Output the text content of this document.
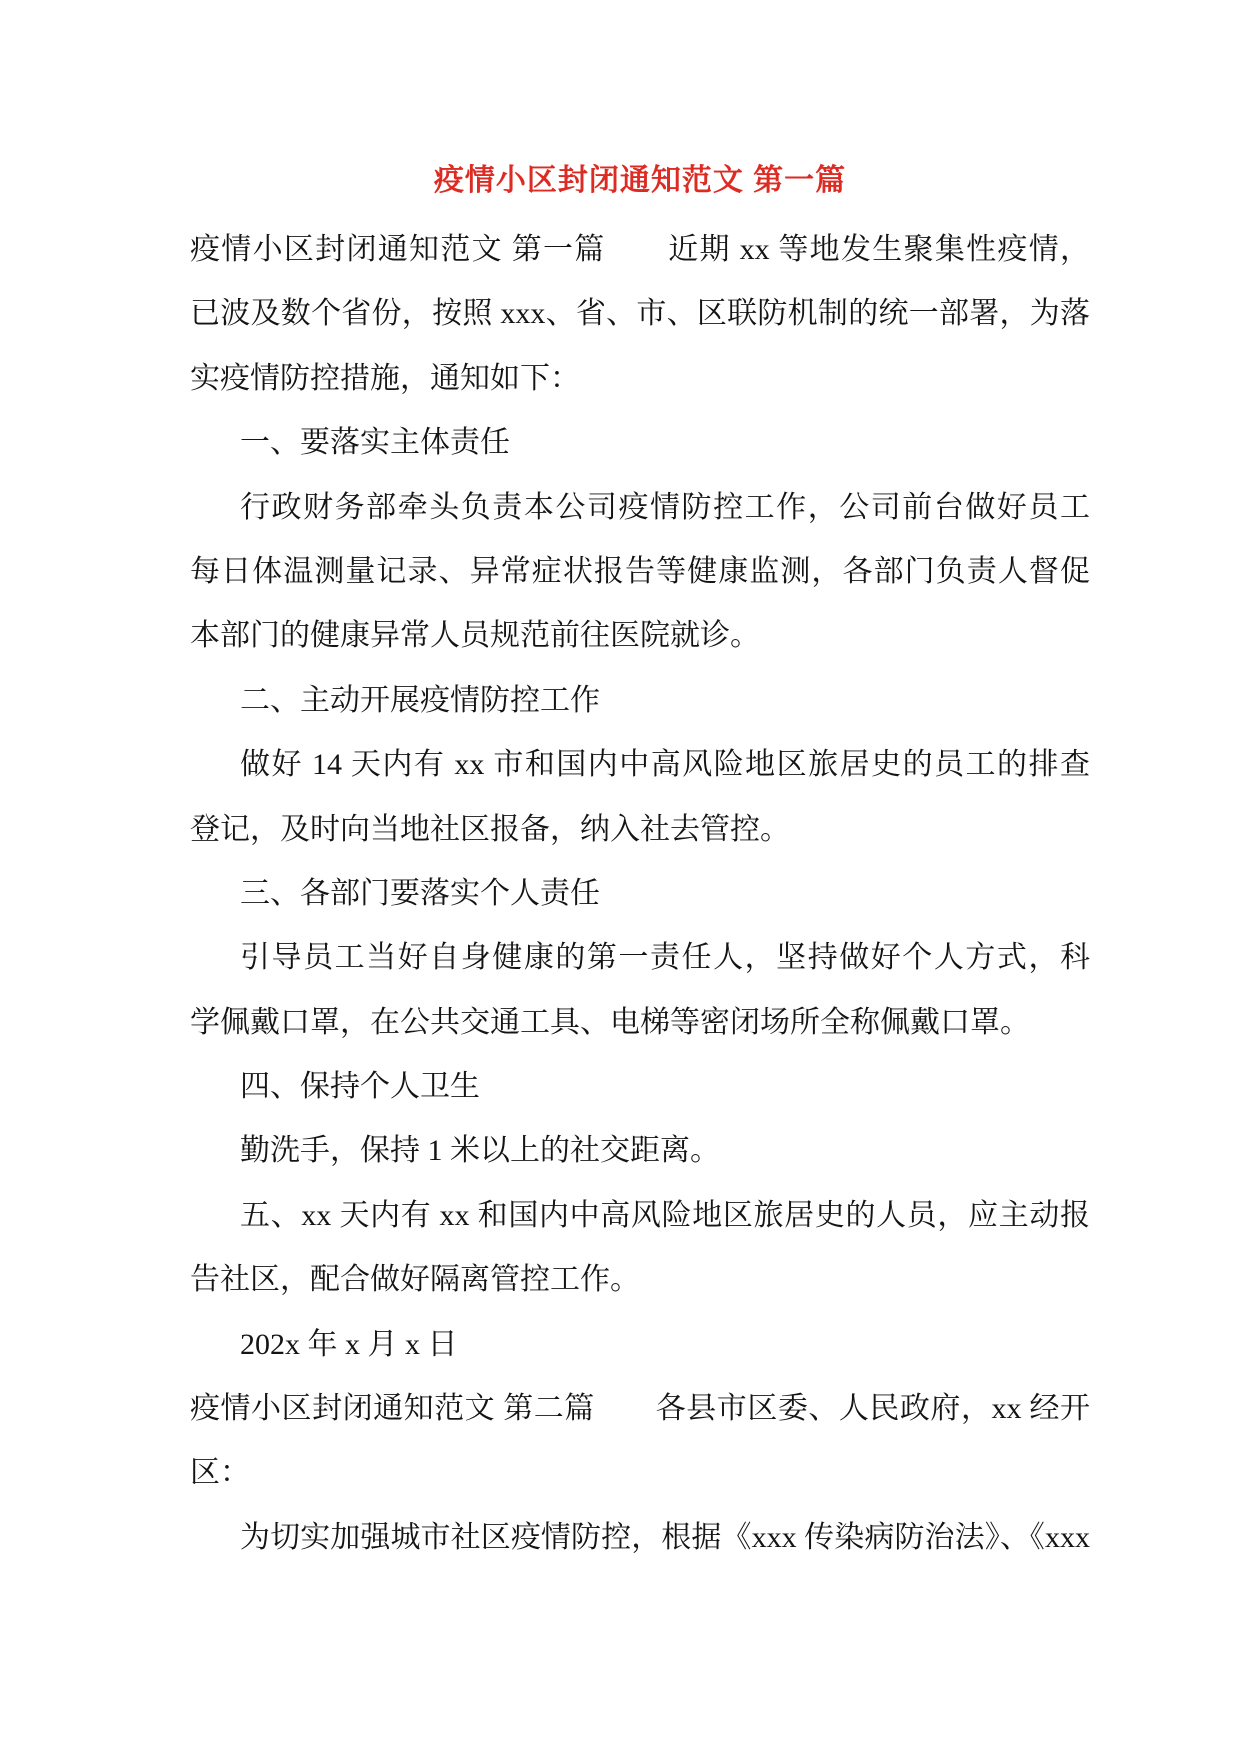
疫情小区封闭通知范文 第一篇
疫情小区封闭通知范文 第一篇　　近期 xx 等地发生聚集性疫情，
已波及数个省份，按照 xxx、省、市、区联防机制的统一部署，为落
实疫情防控措施，通知如下：
一、要落实主体责任
行政财务部牵头负责本公司疫情防控工作，公司前台做好员工
每日体温测量记录、异常症状报告等健康监测，各部门负责人督促
本部门的健康异常人员规范前往医院就诊。
二、主动开展疫情防控工作
做好 14 天内有 xx 市和国内中高风险地区旅居史的员工的排查
登记，及时向当地社区报备，纳入社去管控。
三、各部门要落实个人责任
引导员工当好自身健康的第一责任人，坚持做好个人方式，科
学佩戴口罩，在公共交通工具、电梯等密闭场所全称佩戴口罩。
四、保持个人卫生
勤洗手，保持 1 米以上的社交距离。
五、xx 天内有 xx 和国内中高风险地区旅居史的人员，应主动报
告社区，配合做好隔离管控工作。
202x 年 x 月 x 日
疫情小区封闭通知范文 第二篇　　各县市区委、人民政府，xx 经开
区：
为切实加强城市社区疫情防控，根据《xxx 传染病防治法》、《xxx
